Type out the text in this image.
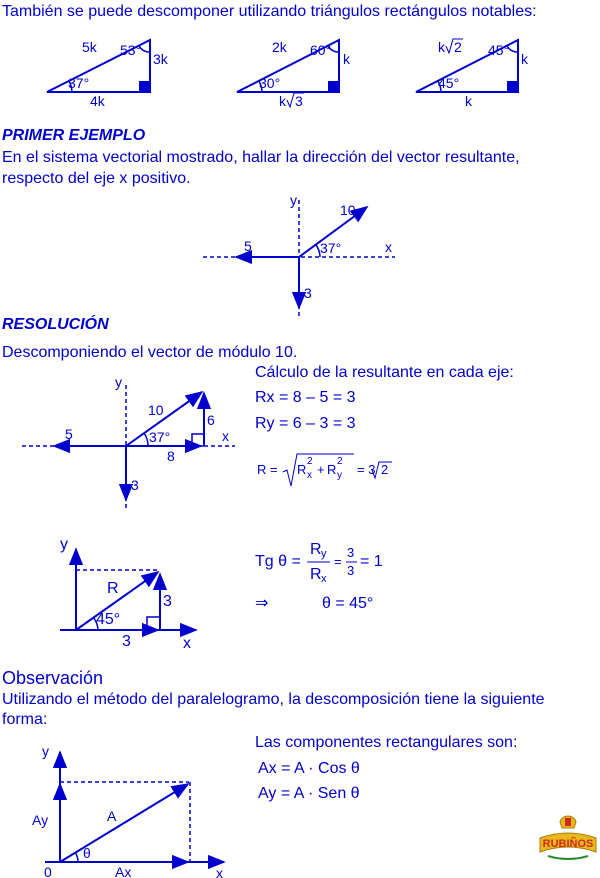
También se puede descomponer utilizando triángulos rectángulos notables:
5k 53°
3k
37°
4k
2k 60°
k
30°
k 3
k 2 45°
k
45°
k
y
x
10
5
3
37°
y
x
10
6
5
8
3
37°
y
x
R
3
3
45°
y
x
A
Ay
Ax
θ
0
PRIMER EJEMPLO
En el sistema vectorial mostrado, hallar la dirección del vector resultante,
respecto del eje x positivo.
RESOLUCIÓN
Descomponiendo el vector de módulo 10.
Cálculo de la resultante en cada eje:
Rx = 8 – 5 = 3
Ry = 6 – 3 = 3
R = R
2
x + R
2
y = 3 2
Tg θ =
R y
R x
=
3
3
= 1
⇒	θ = 45°
Observación
Utilizando el método del paralelogramo, la descomposición tiene la siguiente
forma:
Las componentes rectangulares son:
Ax = A · Cos θ
Ay = A · Sen θ
RUBIÑOS
